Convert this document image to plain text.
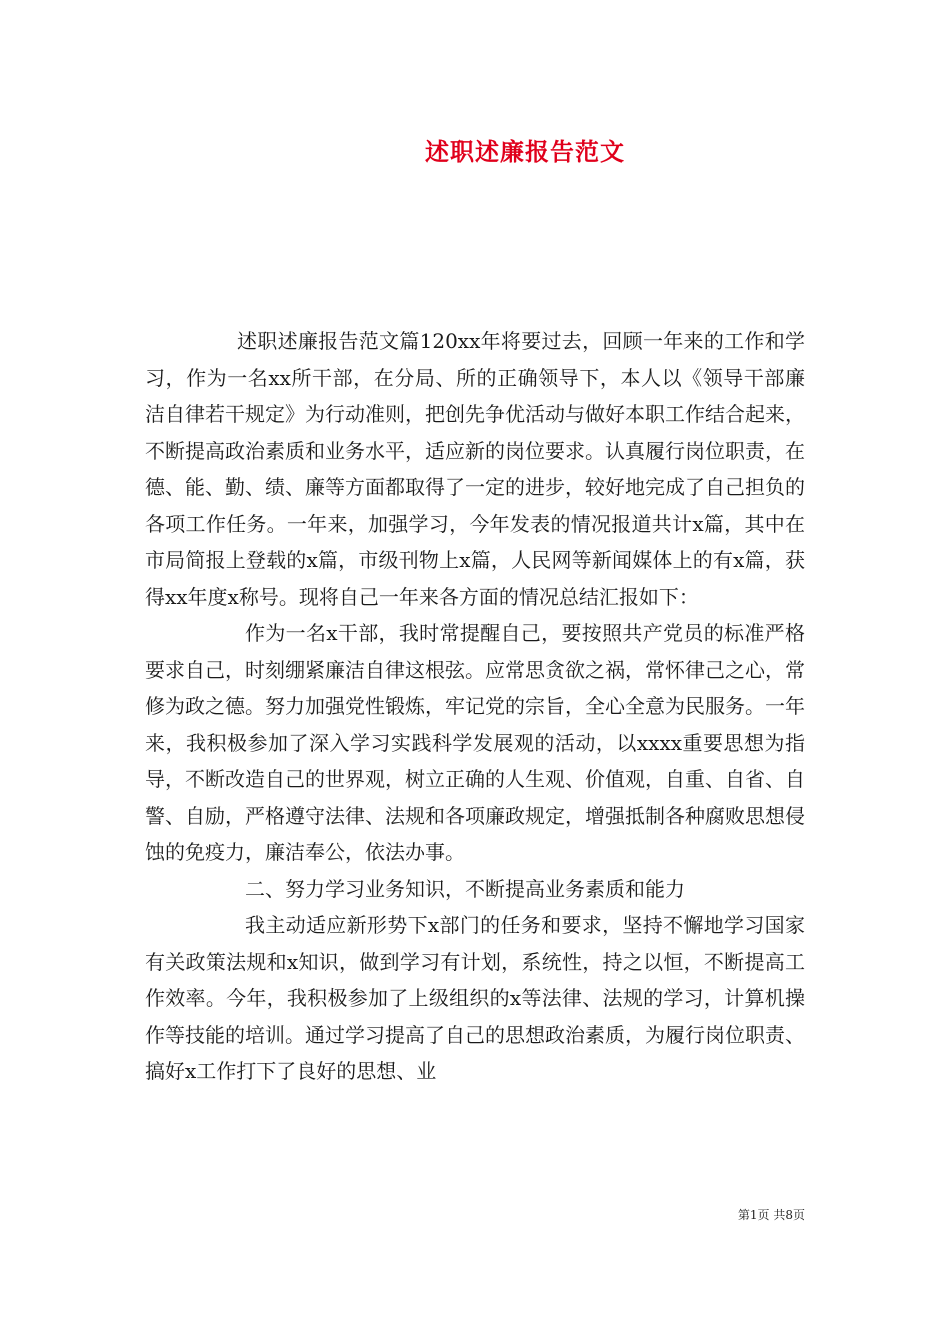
述职述廉报告范文

述职述廉报告范文篇120xx年将要过去，回顾一年来的工作和学习，作为一名xx所干部，在分局、所的正确领导下，本人以《领导干部廉洁自律若干规定》为行动准则，把创先争优活动与做好本职工作结合起来，不断提高政治素质和业务水平，适应新的岗位要求。认真履行岗位职责，在德、能、勤、绩、廉等方面都取得了一定的进步，较好地完成了自己担负的各项工作任务。一年来，加强学习，今年发表的情况报道共计x篇，其中在市局简报上登载的x篇，市级刊物上x篇，人民网等新闻媒体上的有x篇，获得xx年度x称号。现将自己一年来各方面的情况总结汇报如下：

作为一名x干部，我时常提醒自己，要按照共产党员的标准严格要求自己，时刻绷紧廉洁自律这根弦。应常思贪欲之祸，常怀律己之心，常修为政之德。努力加强党性锻炼，牢记党的宗旨，全心全意为民服务。一年来，我积极参加了深入学习实践科学发展观的活动，以xxxx重要思想为指导，不断改造自己的世界观，树立正确的人生观、价值观，自重、自省、自警、自励，严格遵守法律、法规和各项廉政规定，增强抵制各种腐败思想侵蚀的免疫力，廉洁奉公，依法办事。

二、努力学习业务知识，不断提高业务素质和能力

我主动适应新形势下x部门的任务和要求，坚持不懈地学习国家有关政策法规和x知识，做到学习有计划，系统性，持之以恒，不断提高工作效率。今年，我积极参加了上级组织的x等法律、法规的学习，计算机操作等技能的培训。通过学习提高了自己的思想政治素质，为履行岗位职责、搞好x工作打下了良好的思想、业

第1页 共8页
